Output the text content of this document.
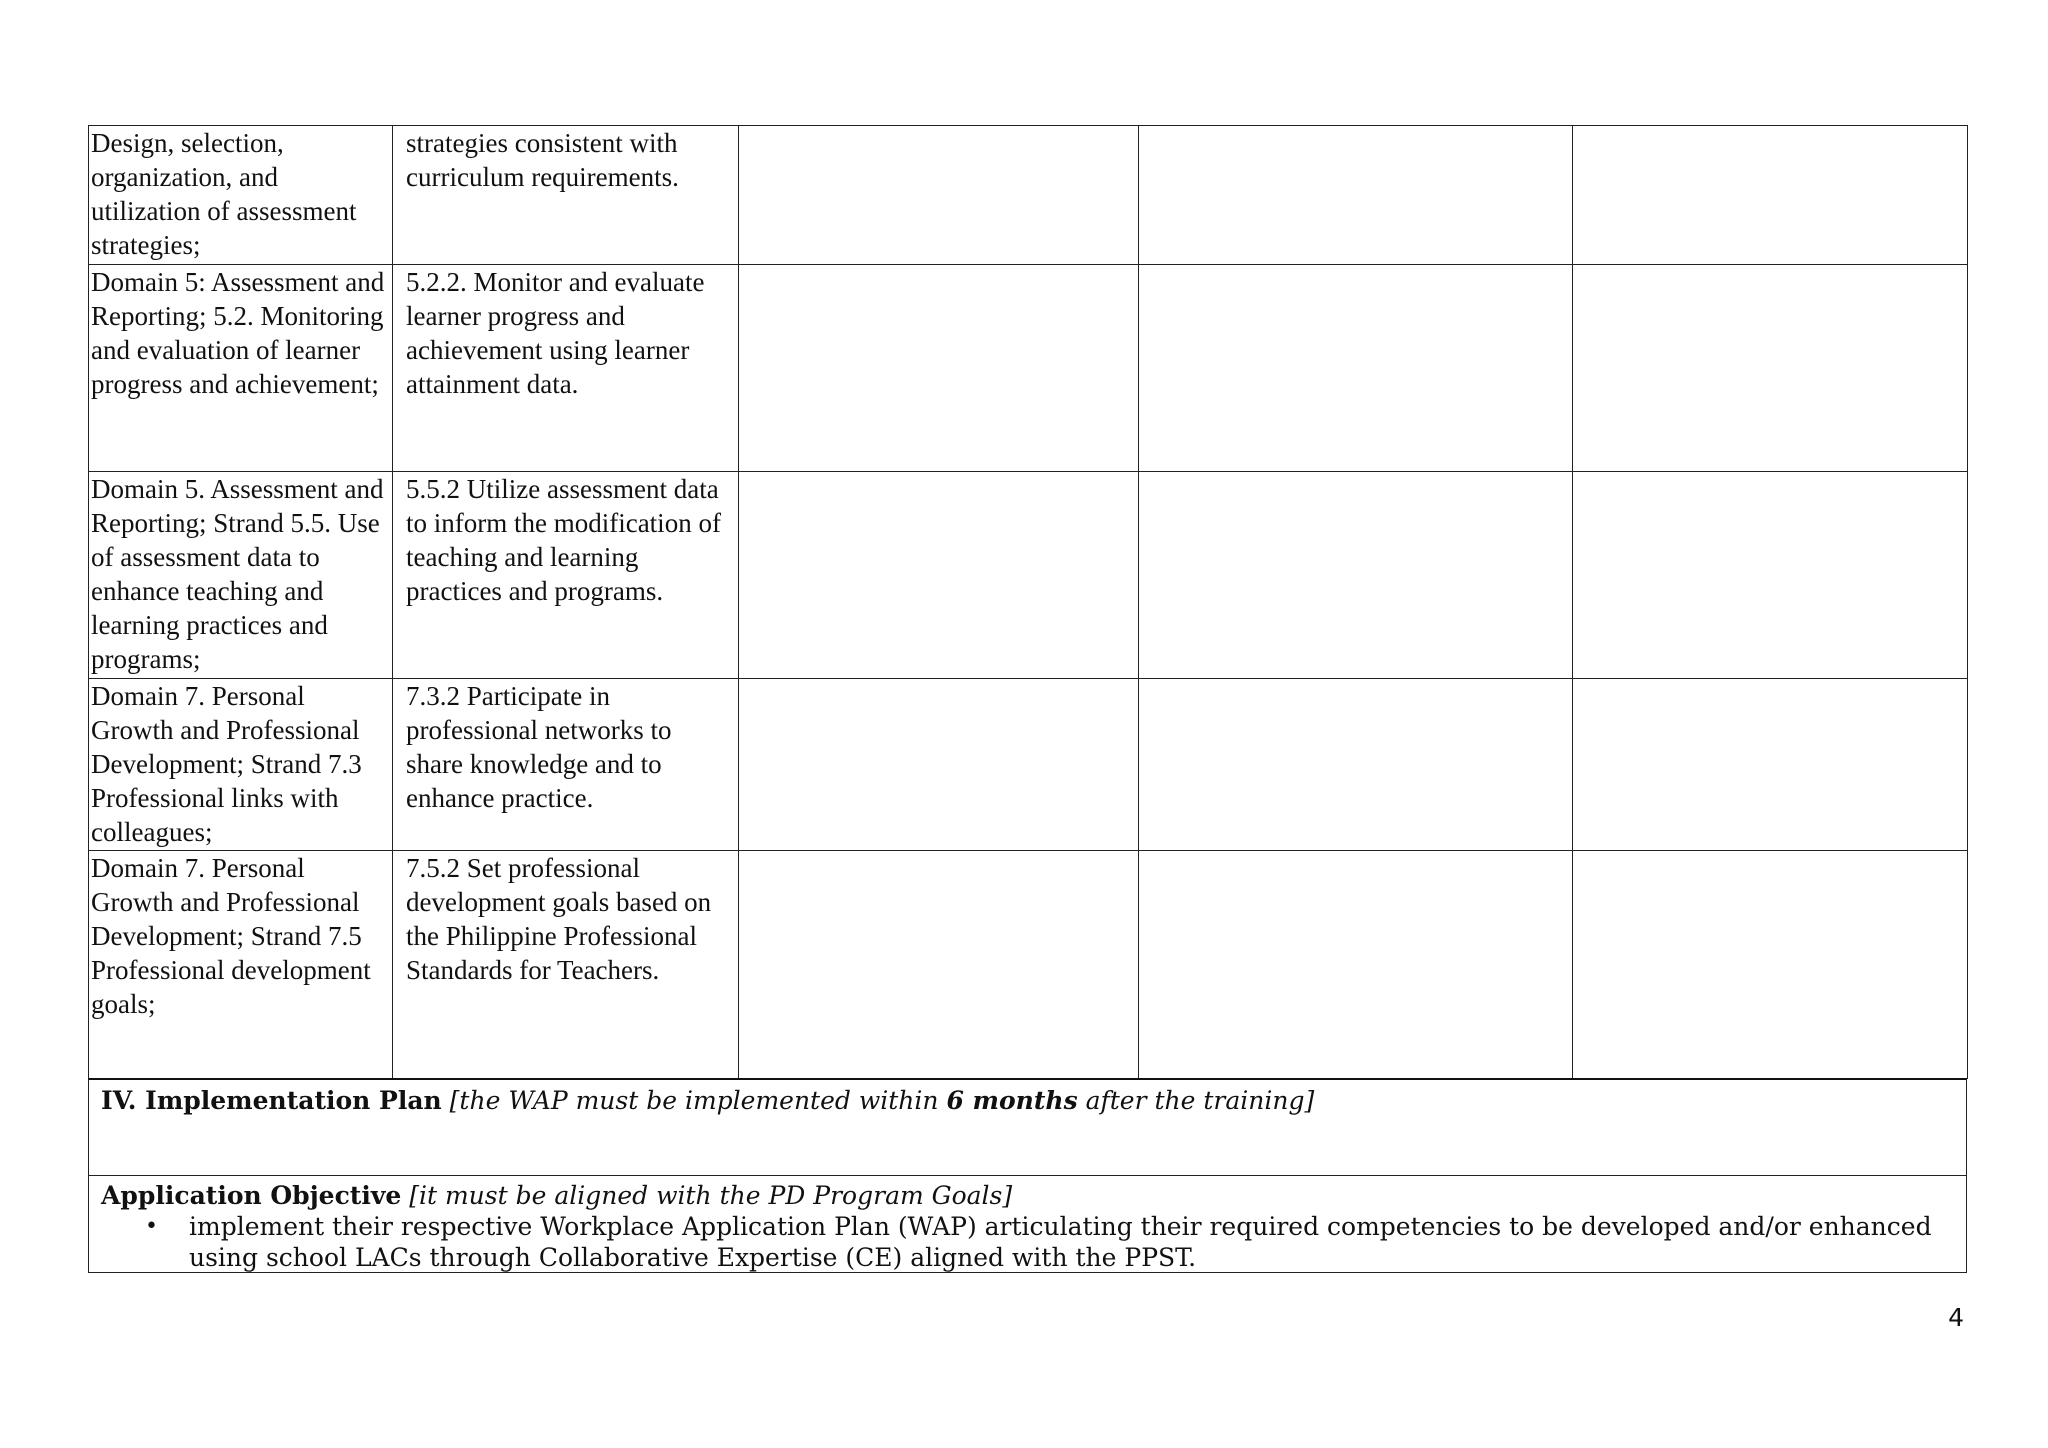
Design, selection, organization, and utilization of assessment strategies;	strategies consistent with curriculum requirements.			
Domain 5: Assessment and Reporting; 5.2. Monitoring and evaluation of learner progress and achievement;	5.2.2. Monitor and evaluate learner progress and achievement using learner attainment data.			
Domain 5. Assessment and Reporting; Strand 5.5. Use of assessment data to enhance teaching and learning practices and programs;	5.5.2 Utilize assessment data to inform the modification of teaching and learning practices and programs.			
Domain 7. Personal Growth and Professional Development; Strand 7.3 Professional links with colleagues;	7.3.2 Participate in professional networks to share knowledge and to enhance practice.			
Domain 7. Personal Growth and Professional Development; Strand 7.5 Professional development goals;	7.5.2 Set professional development goals based on the Philippine Professional Standards for Teachers.			
IV. Implementation Plan [the WAP must be implemented within 6 months after the training]
Application Objective [it must be aligned with the PD Program Goals]
•	implement their respective Workplace Application Plan (WAP) articulating their required competencies to be developed and/or enhanced using school LACs through Collaborative Expertise (CE) aligned with the PPST.
4
